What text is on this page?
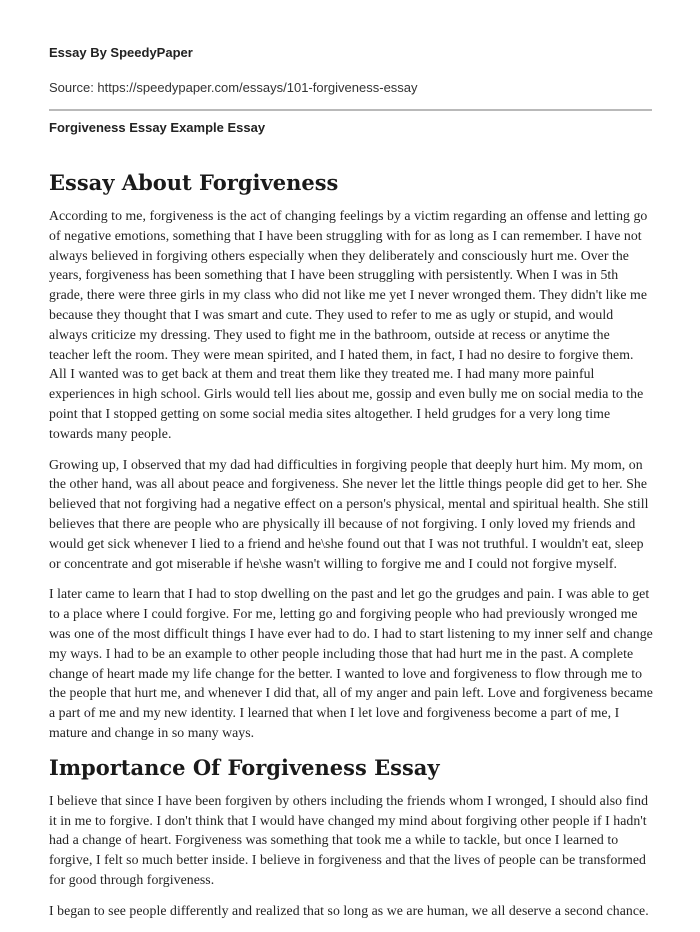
Essay By SpeedyPaper
Source: https://speedypaper.com/essays/101-forgiveness-essay
Forgiveness Essay Example Essay
Essay About Forgiveness

According to me, forgiveness is the act of changing feelings by a victim regarding an offense and letting go of negative emotions, something that I have been struggling with for as long as I can remember. I have not always believed in forgiving others especially when they deliberately and consciously hurt me. Over the years, forgiveness has been something that I have been struggling with persistently. When I was in 5th grade, there were three girls in my class who did not like me yet I never wronged them. They didn't like me because they thought that I was smart and cute. They used to refer to me as ugly or stupid, and would always criticize my dressing. They used to fight me in the bathroom, outside at recess or anytime the teacher left the room. They were mean spirited, and I hated them, in fact, I had no desire to forgive them. All I wanted was to get back at them and treat them like they treated me. I had many more painful experiences in high school. Girls would tell lies about me, gossip and even bully me on social media to the point that I stopped getting on some social media sites altogether. I held grudges for a very long time towards many people.

Growing up, I observed that my dad had difficulties in forgiving people that deeply hurt him. My mom, on the other hand, was all about peace and forgiveness. She never let the little things people did get to her. She believed that not forgiving had a negative effect on a person's physical, mental and spiritual health. She still believes that there are people who are physically ill because of not forgiving. I only loved my friends and would get sick whenever I lied to a friend and he\she found out that I was not truthful. I wouldn't eat, sleep or concentrate and got miserable if he\she wasn't willing to forgive me and I could not forgive myself.

I later came to learn that I had to stop dwelling on the past and let go the grudges and pain. I was able to get to a place where I could forgive. For me, letting go and forgiving people who had previously wronged me was one of the most difficult things I have ever had to do. I had to start listening to my inner self and change my ways. I had to be an example to other people including those that had hurt me in the past. A complete change of heart made my life change for the better. I wanted to love and forgiveness to flow through me to the people that hurt me, and whenever I did that, all of my anger and pain left. Love and forgiveness became a part of me and my new identity. I learned that when I let love and forgiveness become a part of me, I mature and change in so many ways.

Importance Of Forgiveness Essay

I believe that since I have been forgiven by others including the friends whom I wronged, I should also find it in me to forgive. I don't think that I would have changed my mind about forgiving other people if I hadn't had a change of heart. Forgiveness was something that took me a while to tackle, but once I learned to forgive, I felt so much better inside. I believe in forgiveness and that the lives of people can be transformed for good through forgiveness.

I began to see people differently and realized that so long as we are human, we all deserve a second chance.
